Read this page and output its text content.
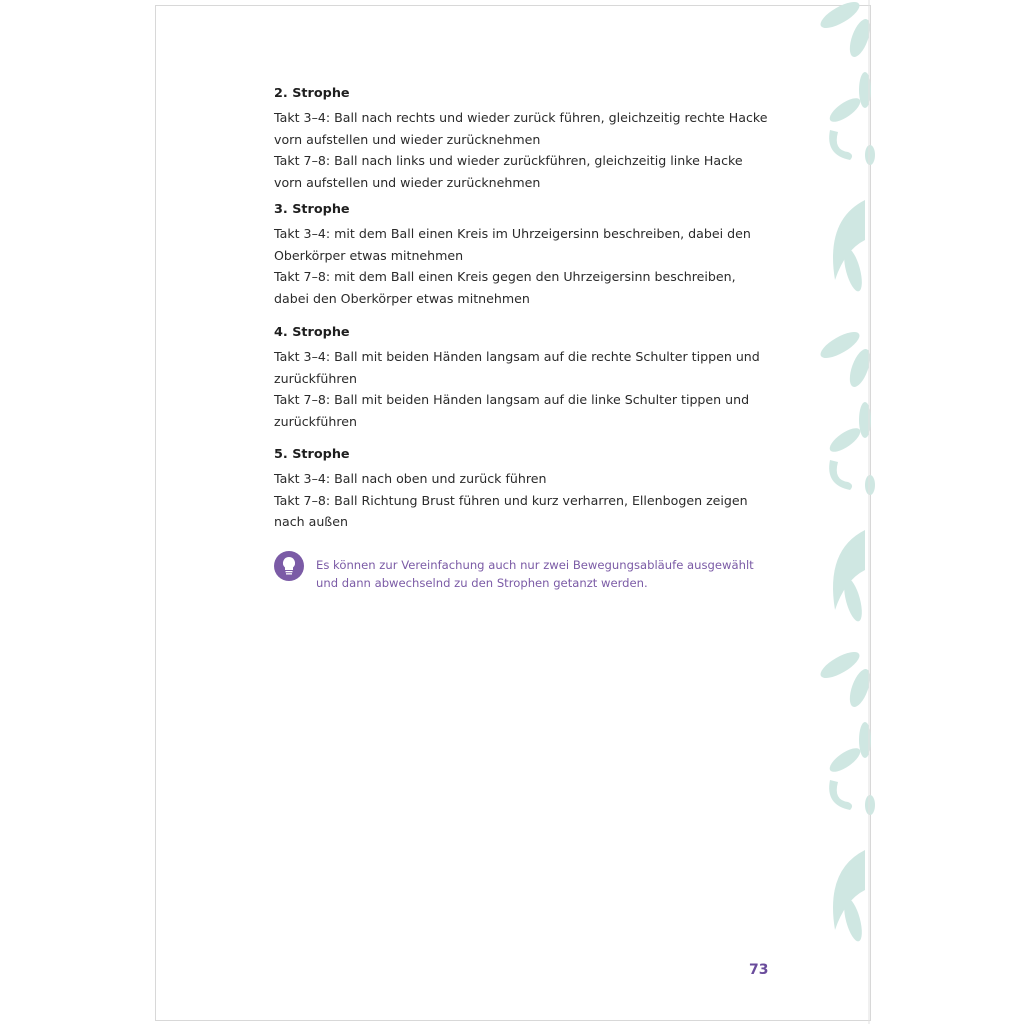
2. Strophe

Takt 3–4: Ball nach rechts und wieder zurück führen, gleichzeitig rechte Hacke vorn aufstellen und wieder zurücknehmen

Takt 7–8: Ball nach links und wieder zurückführen, gleichzeitig linke Hacke vorn aufstellen und wieder zurücknehmen

3. Strophe

Takt 3–4: mit dem Ball einen Kreis im Uhrzeigersinn beschreiben, dabei den Oberkörper etwas mitnehmen

Takt 7–8: mit dem Ball einen Kreis gegen den Uhrzeigersinn beschreiben, dabei den Oberkörper etwas mitnehmen

4. Strophe

Takt 3–4: Ball mit beiden Händen langsam auf die rechte Schulter tippen und zurückführen

Takt 7–8: Ball mit beiden Händen langsam auf die linke Schulter tippen und zurückführen

5. Strophe

Takt 3–4: Ball nach oben und zurück führen

Takt 7–8: Ball Richtung Brust führen und kurz verharren, Ellenbogen zeigen nach außen

Es können zur Vereinfachung auch nur zwei Bewegungsabläufe ausgewählt und dann abwechselnd zu den Strophen getanzt werden.
73
